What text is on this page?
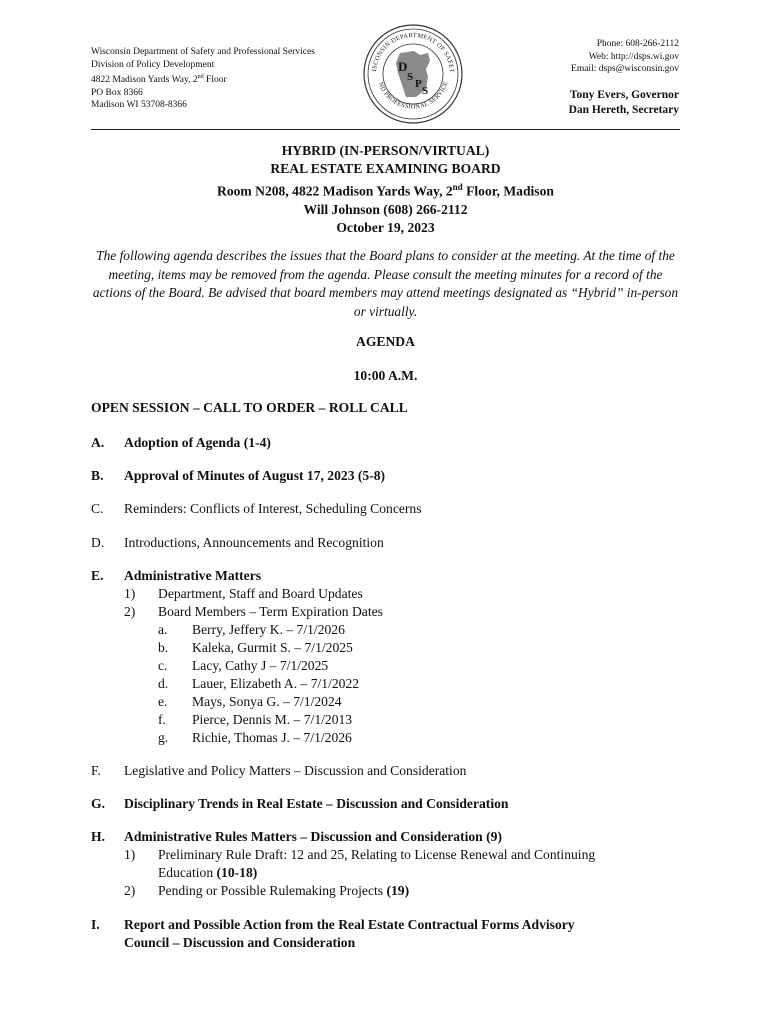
Wisconsin Department of Safety and Professional Services
Division of Policy Development
4822 Madison Yards Way, 2nd Floor
PO Box 8366
Madison WI 53708-8366
ISCONSIN DEPARTMENT OF SAFET
ND PROFESSIONAL SERVICE
D
S
P
S
Phone: 608-266-2112
Web: http://dsps.wi.gov
Email: dsps@wisconsin.gov
Tony Evers, Governor
Dan Hereth, Secretary
HYBRID (IN-PERSON/VIRTUAL)
REAL ESTATE EXAMINING BOARD
Room N208, 4822 Madison Yards Way, 2nd Floor, Madison
Will Johnson (608) 266-2112
October 19, 2023
The following agenda describes the issues that the Board plans to consider at the meeting. At the time of the meeting, items may be removed from the agenda. Please consult the meeting minutes for a record of the actions of the Board. Be advised that board members may attend meetings designated as “Hybrid” in-person or virtually.
AGENDA
10:00 A.M.
OPEN SESSION – CALL TO ORDER – ROLL CALL
A.	Adoption of Agenda (1-4)
B.	Approval of Minutes of August 17, 2023 (5-8)
C.	Reminders: Conflicts of Interest, Scheduling Concerns
D.	Introductions, Announcements and Recognition
E.	Administrative Matters
1)	Department, Staff and Board Updates
2)	Board Members – Term Expiration Dates
a.	Berry, Jeffery K. – 7/1/2026
b.	Kaleka, Gurmit S. – 7/1/2025
c.	Lacy, Cathy J – 7/1/2025
d.	Lauer, Elizabeth A. – 7/1/2022
e.	Mays, Sonya G. – 7/1/2024
f.	Pierce, Dennis M. – 7/1/2013
g.	Richie, Thomas J. – 7/1/2026
F.	Legislative and Policy Matters – Discussion and Consideration
G.	Disciplinary Trends in Real Estate – Discussion and Consideration
H.	Administrative Rules Matters – Discussion and Consideration (9)
1)	Preliminary Rule Draft: 12 and 25, Relating to License Renewal and Continuing
Education (10-18)
2)	Pending or Possible Rulemaking Projects (19)
I.	Report and Possible Action from the Real Estate Contractual Forms Advisory
Council – Discussion and Consideration
